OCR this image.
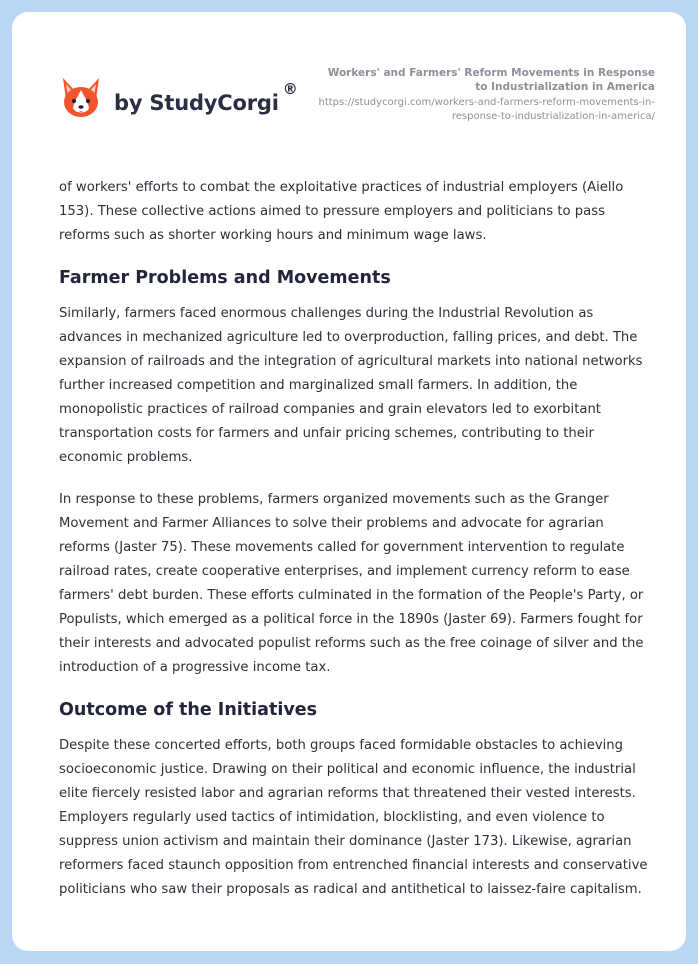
by StudyCorgi
®
Workers' and Farmers' Reform Movements in Response to Industrialization in America
https://studycorgi.com/workers-and-farmers-reform-movements-in-response-to-industrialization-in-america/

of workers' efforts to combat the exploitative practices of industrial employers (Aiello 153). These collective actions aimed to pressure employers and politicians to pass reforms such as shorter working hours and minimum wage laws.

Farmer Problems and Movements

Similarly, farmers faced enormous challenges during the Industrial Revolution as advances in mechanized agriculture led to overproduction, falling prices, and debt. The expansion of railroads and the integration of agricultural markets into national networks further increased competition and marginalized small farmers. In addition, the monopolistic practices of railroad companies and grain elevators led to exorbitant transportation costs for farmers and unfair pricing schemes, contributing to their economic problems.

In response to these problems, farmers organized movements such as the Granger Movement and Farmer Alliances to solve their problems and advocate for agrarian reforms (Jaster 75). These movements called for government intervention to regulate railroad rates, create cooperative enterprises, and implement currency reform to ease farmers' debt burden. These efforts culminated in the formation of the People's Party, or Populists, which emerged as a political force in the 1890s (Jaster 69). Farmers fought for their interests and advocated populist reforms such as the free coinage of silver and the introduction of a progressive income tax.

Outcome of the Initiatives

Despite these concerted efforts, both groups faced formidable obstacles to achieving socioeconomic justice. Drawing on their political and economic influence, the industrial elite fiercely resisted labor and agrarian reforms that threatened their vested interests. Employers regularly used tactics of intimidation, blocklisting, and even violence to suppress union activism and maintain their dominance (Jaster 173). Likewise, agrarian reformers faced staunch opposition from entrenched financial interests and conservative politicians who saw their proposals as radical and antithetical to laissez-faire capitalism.
